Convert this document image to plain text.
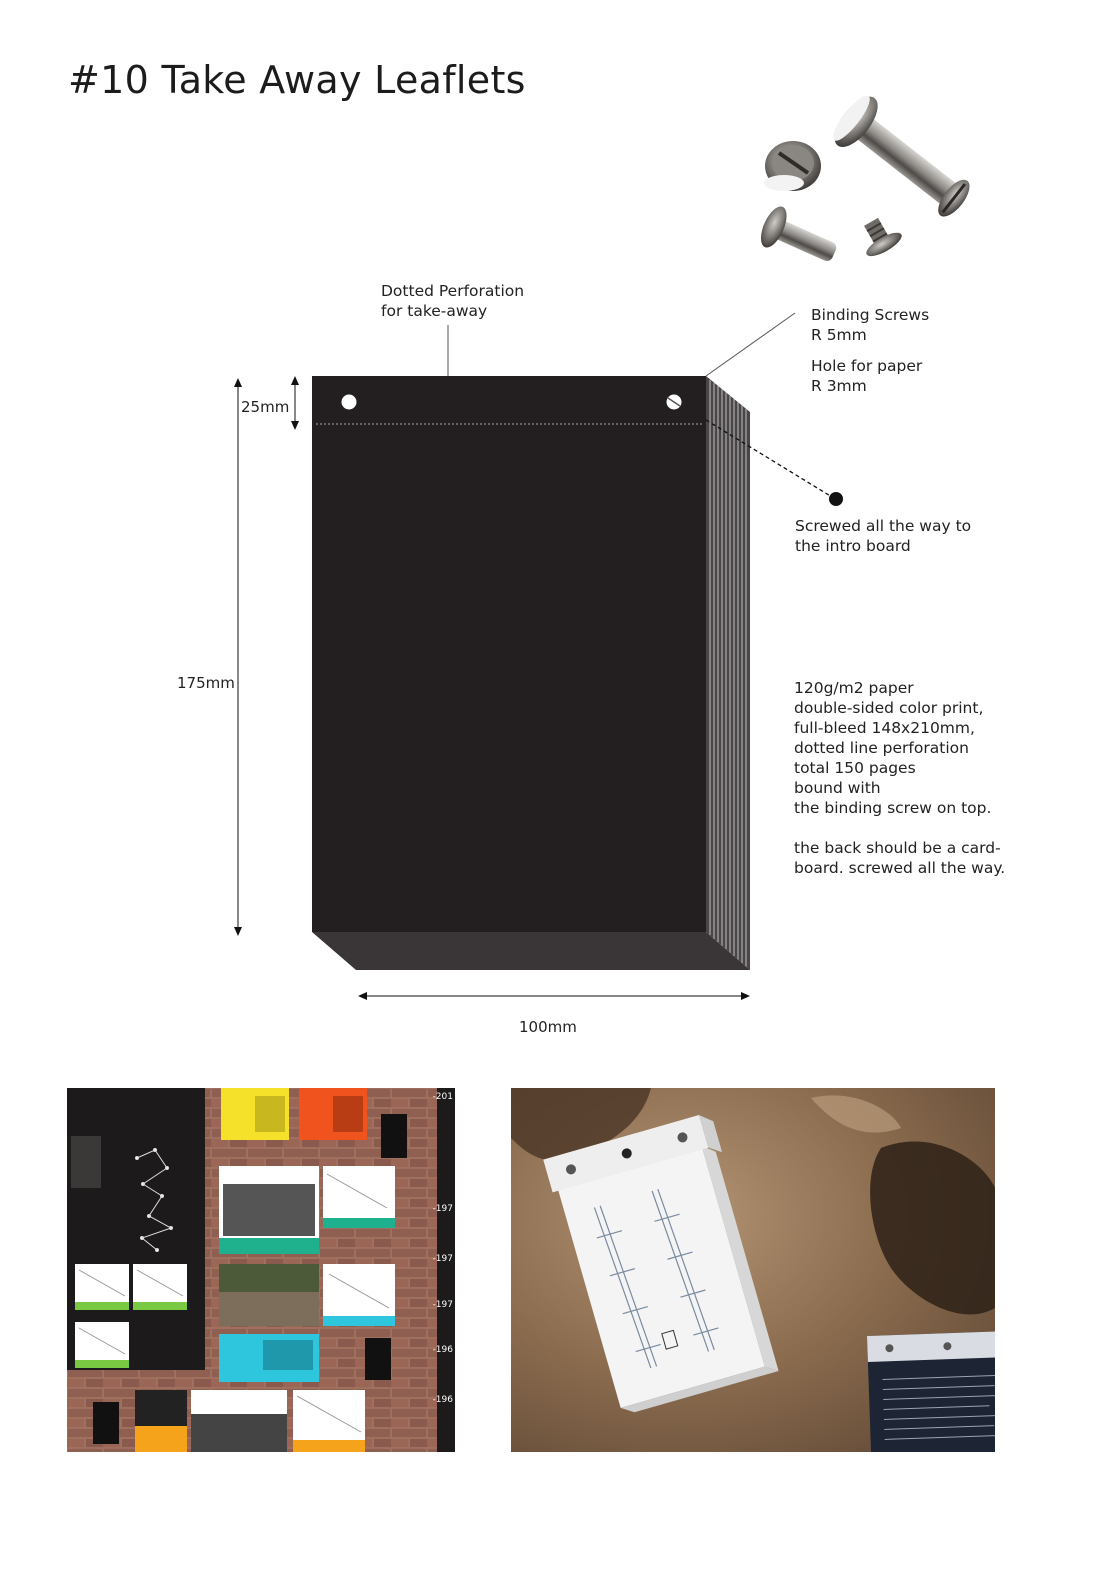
#10 Take Away Leaflets
Dotted Perforation
for take-away	Binding Screws
R 5mm
Hole for paper
R 3mm
Screwed all the way to
the intro board
120g/m2 paper
double-sided color print,
full-bleed 148x210mm,
dotted line perforation
total 150 pages
bound with
the binding screw on top.
the back should be a card-
board. screwed all the way.
25mm
175mm
100mm
-201
-197
-197
-197
-196
-196
